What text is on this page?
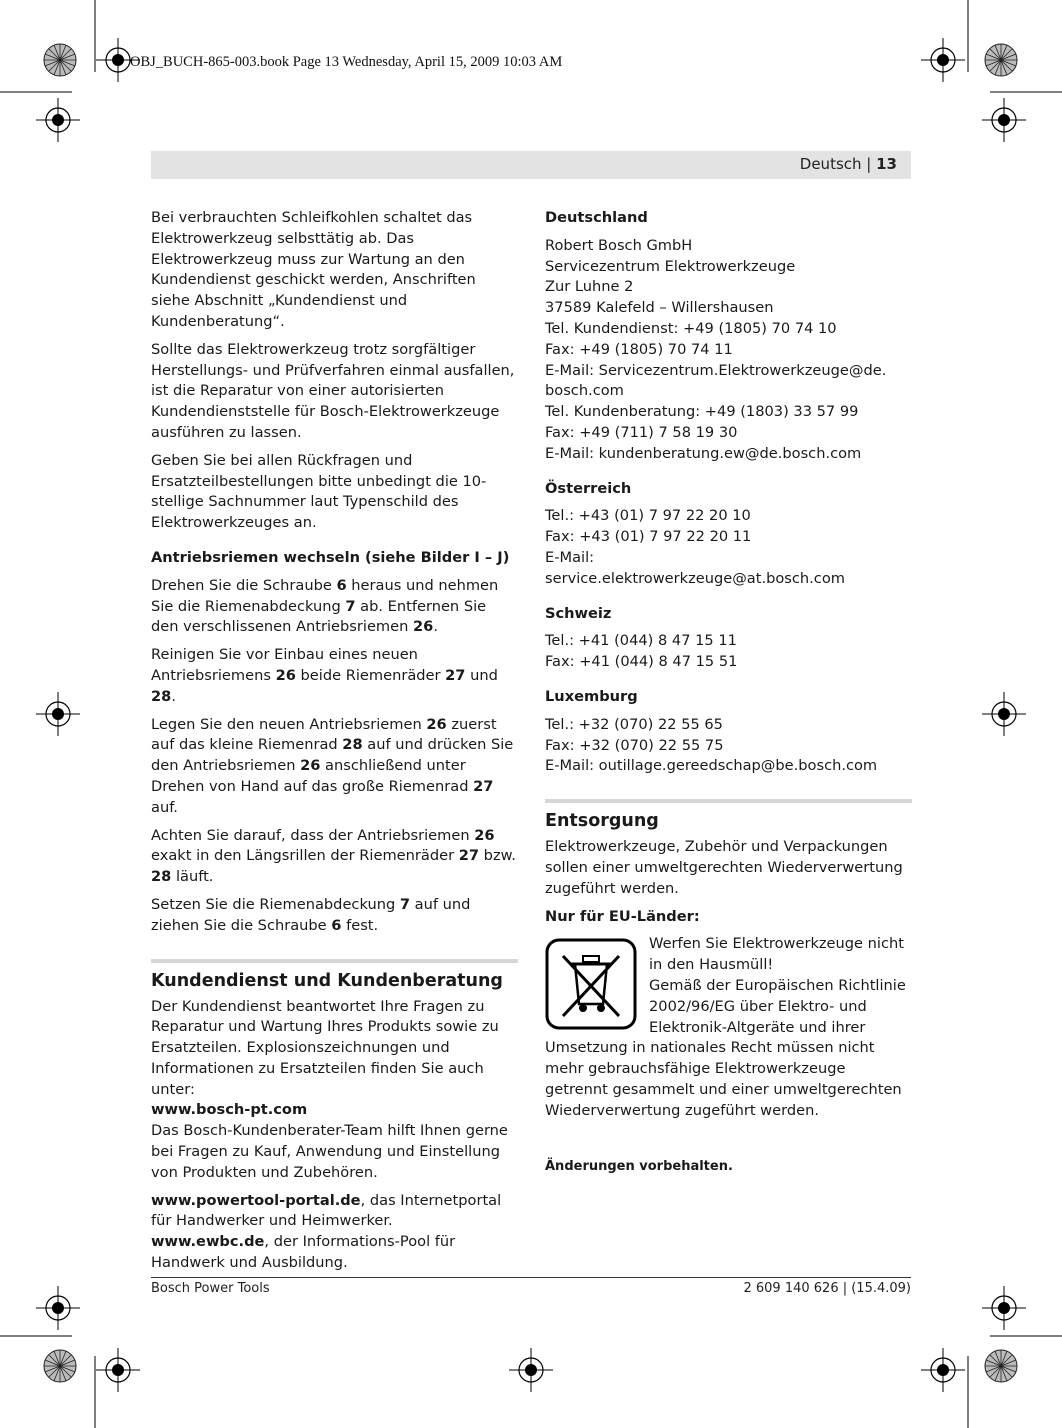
OBJ_BUCH-865-003.book Page 13 Wednesday, April 15, 2009 10:03 AM
Deutsch | 13

Bei verbrauchten Schleifkohlen schaltet das Elektrowerkzeug selbsttätig ab. Das Elektrowerkzeug muss zur Wartung an den Kundendienst geschickt werden, Anschriften siehe Abschnitt „Kundendienst und Kundenberatung“.

Sollte das Elektrowerkzeug trotz sorgfältiger Herstellungs- und Prüfverfahren einmal ausfallen, ist die Reparatur von einer autorisierten Kundendienststelle für Bosch-Elektrowerkzeuge ausführen zu lassen.

Geben Sie bei allen Rückfragen und Ersatzteilbestellungen bitte unbedingt die 10-stellige Sachnummer laut Typenschild des Elektrowerkzeuges an.

Antriebsriemen wechseln (siehe Bilder I – J)

Drehen Sie die Schraube 6 heraus und nehmen Sie die Riemenabdeckung 7 ab. Entfernen Sie den verschlissenen Antriebsriemen 26.

Reinigen Sie vor Einbau eines neuen Antriebsriemens 26 beide Riemenräder 27 und 28.

Legen Sie den neuen Antriebsriemen 26 zuerst auf das kleine Riemenrad 28 auf und drücken Sie den Antriebsriemen 26 anschließend unter Drehen von Hand auf das große Riemenrad 27 auf.

Achten Sie darauf, dass der Antriebsriemen 26 exakt in den Längsrillen der Riemenräder 27 bzw. 28 läuft.

Setzen Sie die Riemenabdeckung 7 auf und ziehen Sie die Schraube 6 fest.

Kundendienst und Kundenberatung

Der Kundendienst beantwortet Ihre Fragen zu Reparatur und Wartung Ihres Produkts sowie zu Ersatzteilen. Explosionszeichnungen und Informationen zu Ersatzteilen finden Sie auch unter:
www.bosch-pt.com
Das Bosch-Kundenberater-Team hilft Ihnen gerne bei Fragen zu Kauf, Anwendung und Einstellung von Produkten und Zubehören.

www.powertool-portal.de, das Internetportal für Handwerker und Heimwerker.
www.ewbc.de, der Informations-Pool für Handwerk und Ausbildung.

Deutschland
Robert Bosch GmbH
Servicezentrum Elektrowerkzeuge
Zur Luhne 2
37589 Kalefeld – Willershausen
Tel. Kundendienst: +49 (1805) 70 74 10
Fax: +49 (1805) 70 74 11
E-Mail: Servicezentrum.Elektrowerkzeuge@de.
bosch.com
Tel. Kundenberatung: +49 (1803) 33 57 99
Fax: +49 (711) 7 58 19 30
E-Mail: kundenberatung.ew@de.bosch.com
Österreich
Tel.: +43 (01) 7 97 22 20 10
Fax: +43 (01) 7 97 22 20 11
E-Mail:
service.elektrowerkzeuge@at.bosch.com
Schweiz
Tel.: +41 (044) 8 47 15 11
Fax: +41 (044) 8 47 15 51
Luxemburg
Tel.: +32 (070) 22 55 65
Fax: +32 (070) 22 55 75
E-Mail: outillage.gereedschap@be.bosch.com
Entsorgung

Elektrowerkzeuge, Zubehör und Verpackungen sollen einer umweltgerechten Wiederverwertung zugeführt werden.

Nur für EU-Länder:

Werfen Sie Elektrowerkzeuge nicht in den Hausmüll!
Gemäß der Europäischen Richtlinie 2002/96/EG über Elektro- und Elektronik-Altgeräte und ihrer Umsetzung in nationales Recht müssen nicht mehr gebrauchsfähige Elektrowerkzeuge getrennt gesammelt und einer umweltgerechten Wiederverwertung zugeführt werden.

Änderungen vorbehalten.
Bosch Power Tools	2 609 140 626 | (15.4.09)
